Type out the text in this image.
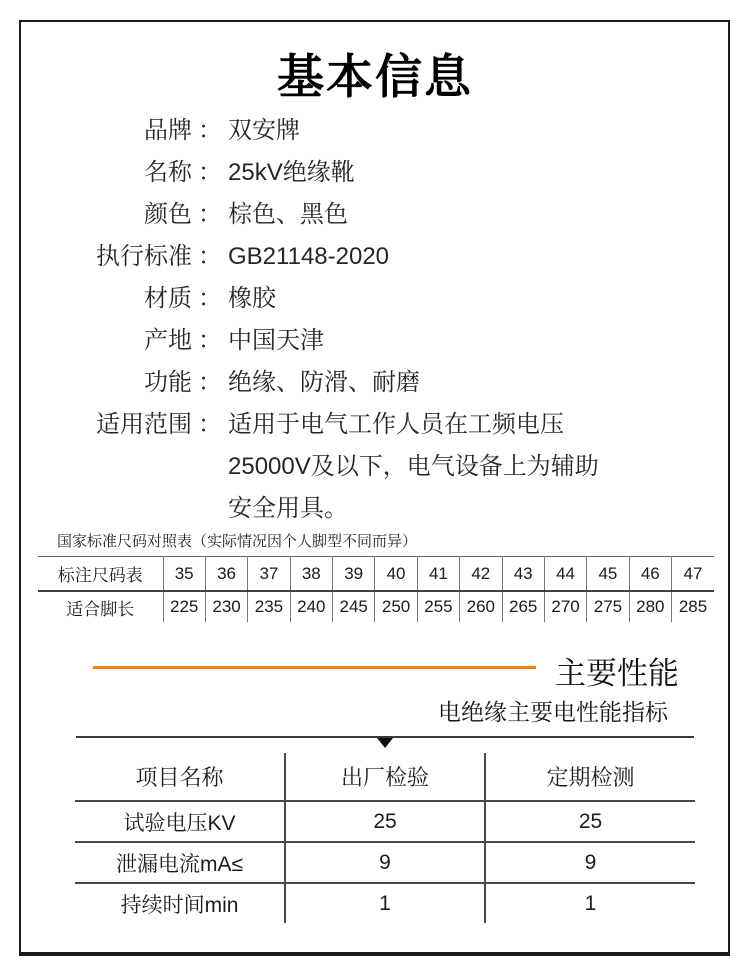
基本信息
品牌 ： 双安牌
名称 ： 25kV绝缘靴
颜色 ： 棕色、黑色
执行标准 ： GB21148-2020
材质 ： 橡胶
产地 ： 中国天津
功能 ： 绝缘、防滑、耐磨
适用范围 ： 适用于电气工作人员在工频电压
25000V及以下，电气设备上为辅助
安全用具。
国家标准尺码对照表（实际情况因个人脚型不同而异）
标注尺码表	35	36	37	38	39	40	41	42	43	44	45	46	47
适合脚长	225	230	235	240	245	250	255	260	265	270	275	280	285
主要性能
电绝缘主要电性能指标
项目名称	出厂检验	定期检测
试验电压KV	25	25
泄漏电流mA≤	9	9
持续时间min	1	1
